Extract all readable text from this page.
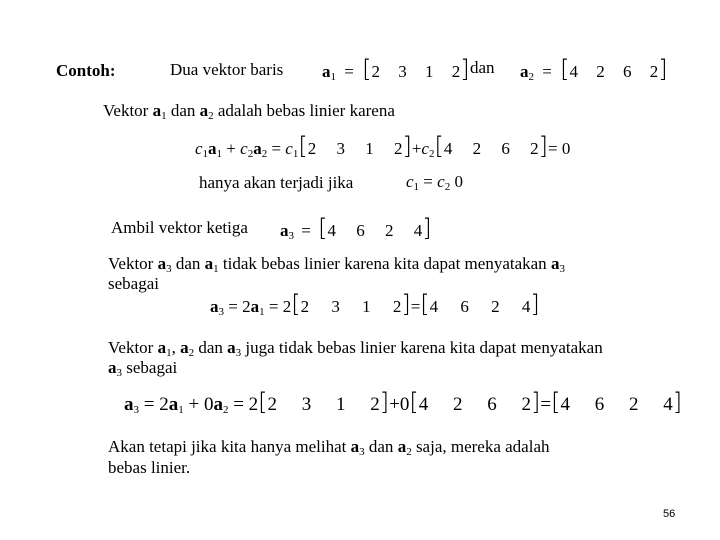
Contoh:	Dua vektor baris $a_1 = [2$ 3 1 2] dan $a_2 = [4$ 2 6 2]
Vektor $a_1$ dan $a_2$ adalah bebas linier karena
$c_1a_1 + c_2a_2 = c_1[2$ 3 1 $2]+c_2[4$ 2 6 2]= 0
hanya akan terjadi jika	$c_1 = c_2$ 0
Ambil vektor ketiga $a_3 = [4$ 6 2 4]
Vektor $a_3$ dan $a_1$ tidak bebas linier karena kita dapat menyatakan $a_3$
sebagai
$a_3 = 2a_1 = 2[2$ 3 1 2]=[4 6 2 4]
Vektor $a_1$, $a_2$ dan $a_3$ juga tidak bebas linier karena kita dapat menyatakan
$a_3$ sebagai
$a_3 = 2a_1 + 0a_2 = 2[2$ 3 1 2]+0[4 2 6 2]=[4 6 2 4]
Akan tetapi jika kita hanya melihat $a_3$ dan $a_2$ saja, mereka adalah
bebas linier.
56
